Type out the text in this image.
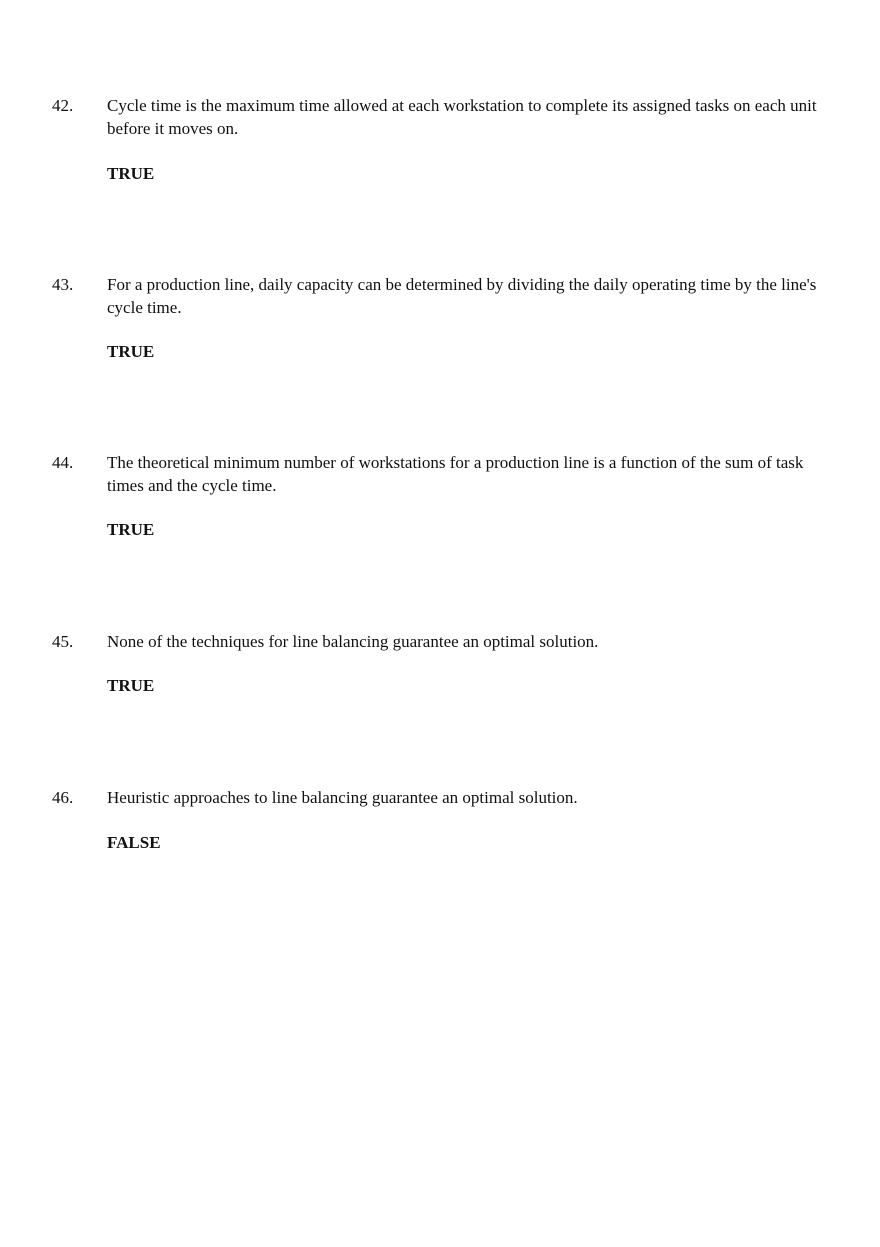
42. Cycle time is the maximum time allowed at each workstation to complete its assigned tasks on each unit before it moves on.

TRUE
43. For a production line, daily capacity can be determined by dividing the daily operating time by the line's cycle time.

TRUE
44. The theoretical minimum number of workstations for a production line is a function of the sum of task times and the cycle time.

TRUE
45. None of the techniques for line balancing guarantee an optimal solution.

TRUE
46. Heuristic approaches to line balancing guarantee an optimal solution.

FALSE
